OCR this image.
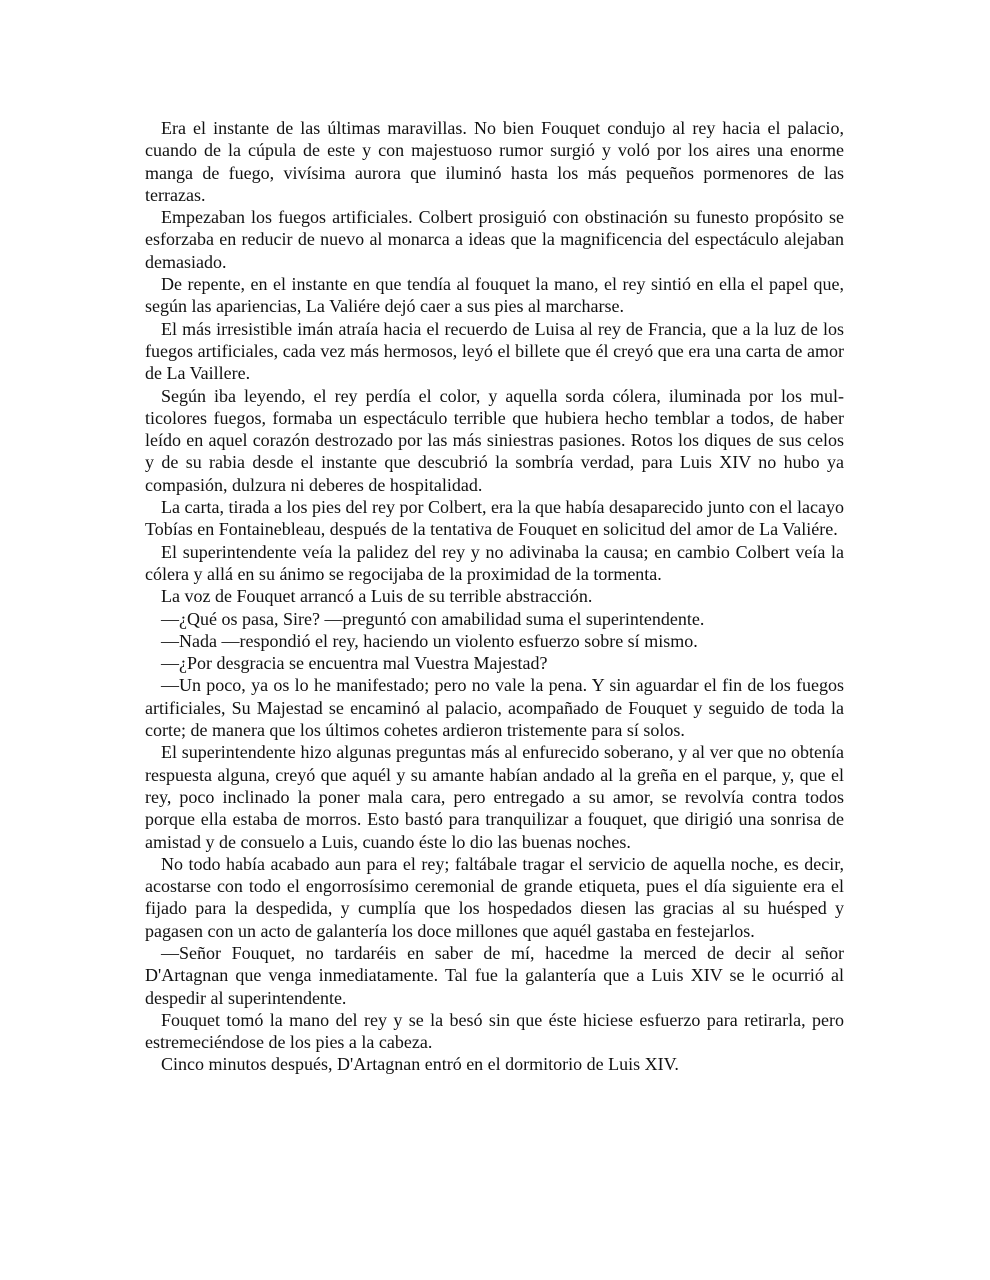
Era el instante de las últimas maravillas. No bien Fouquet condujo al rey hacia el palacio, cuando de la cúpula de este y con majestuoso rumor surgió y voló por los aires una enorme manga de fuego, vivísima aurora que iluminó hasta los más pequeños pormenores de las terrazas.

Empezaban los fuegos artificiales. Colbert prosiguió con obstinación su funesto propósito se esforzaba en reducir de nuevo al monarca a ideas que la magnificencia del espectáculo alejaban demasiado.

De repente, en el instante en que tendía al fouquet la mano, el rey sintió en ella el papel que, según las apariencias, La Valiére dejó caer a sus pies al marcharse.

El más irresistible imán atraía hacia el recuerdo de Luisa al rey de Francia, que a la luz de los fuegos artificiales, cada vez más hermosos, leyó el billete que él creyó que era una carta de amor de La Vaillere.

Según iba leyendo, el rey perdía el color, y aquella sorda cólera, iluminada por los multicolores fuegos, formaba un espectáculo terrible que hubiera hecho temblar a todos, de haber leído en aquel corazón destrozado por las más siniestras pasiones. Rotos los diques de sus celos y de su rabia desde el instante que descubrió la sombría verdad, para Luis XIV no hubo ya compasión, dulzura ni deberes de hospitalidad.

La carta, tirada a los pies del rey por Colbert, era la que había desaparecido junto con el lacayo Tobías en Fontainebleau, después de la tentativa de Fouquet en solicitud del amor de La Valiére.

El superintendente veía la palidez del rey y no adivinaba la causa; en cambio Colbert veía la cólera y allá en su ánimo se regocijaba de la proximidad de la tormenta.

La voz de Fouquet arrancó a Luis de su terrible abstracción.

—¿Qué os pasa, Sire? —preguntó con amabilidad suma el superintendente.

—Nada —respondió el rey, haciendo un violento esfuerzo sobre sí mismo.

—¿Por desgracia se encuentra mal Vuestra Majestad?

—Un poco, ya os lo he manifestado; pero no vale la pena. Y sin aguardar el fin de los fuegos artificiales, Su Majestad se encaminó al palacio, acompañado de Fouquet y seguido de toda la corte; de manera que los últimos cohetes ardieron tristemente para sí solos.

El superintendente hizo algunas preguntas más al enfurecido soberano, y al ver que no obtenía respuesta alguna, creyó que aquél y su amante habían andado al la greña en el parque, y, que el rey, poco inclinado la poner mala cara, pero entregado a su amor, se revolvía contra todos porque ella estaba de morros. Esto bastó para tranquilizar a fouquet, que dirigió una sonrisa de amistad y de consuelo a Luis, cuando éste lo dio las buenas noches.

No todo había acabado aun para el rey; faltábale tragar el servicio de aquella noche, es decir, acostarse con todo el engorrosísimo ceremonial de grande etiqueta, pues el día siguiente era el fijado para la despedida, y cumplía que los hospedados diesen las gracias al su huésped y pagasen con un acto de galantería los doce millones que aquél gastaba en festejarlos.

—Señor Fouquet, no tardaréis en saber de mí, hacedme la merced de decir al señor D'Artagnan que venga inmediatamente. Tal fue la galantería que a Luis XIV se le ocurrió al despedir al superintendente.

Fouquet tomó la mano del rey y se la besó sin que éste hiciese esfuerzo para retirarla, pero estremeciéndose de los pies a la cabeza.

Cinco minutos después, D'Artagnan entró en el dormitorio de Luis XIV.
